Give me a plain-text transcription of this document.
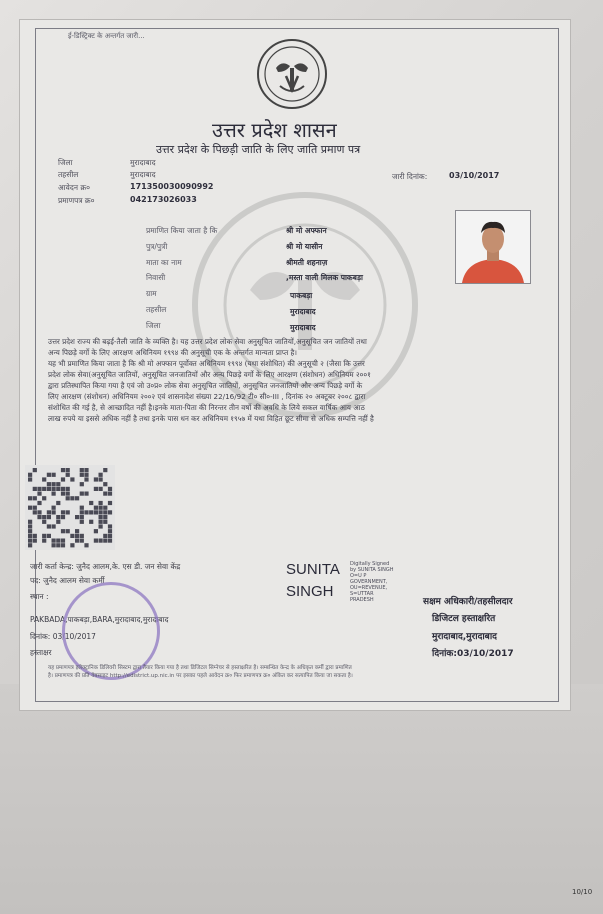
ई-डिस्ट्रिक्ट के अन्तर्गत जारी...
उत्तर प्रदेश शासन
उत्तर प्रदेश के पिछड़ी जाति के लिए जाति प्रमाण पत्र
जिला	मुरादाबाद
तहसील	मुरादाबाद
आवेदन क्र०	171350030090992
प्रमाणपत्र क्र०	042173026033
जारी दिनांक:	03/10/2017
प्रमाणित किया जाता है कि	श्री मो अफ्फान
पुत्र/पुत्री	श्री मो यासीन
माता का नाम	श्रीमती शहनाज़
निवासी	,मस्ता वाली मिलक पाकबड़ा
ग्राम	पाकबड़ा
तहसील	मुरादाबाद
जिला	मुरादाबाद
उत्तर प्रदेश राज्य की बढ़ई-तैली जाति के व्यक्ति है। यह उत्तर प्रदेश लोक सेवा अनुसूचित जातियों,अनुसूचित जन जातियों तथा
अन्य पिछड़े वर्गो के लिए आरक्षण अधिनियम १९९४ की अनुसूची एक के अन्तर्गत मान्यता प्राप्त है।
यह भी प्रमाणित किया जाता है कि श्री मो अफ्फान पूर्वोक्त अधिनियम १९९४ (यथा संशोधित) की अनुसूची २ (जैसा कि उत्तर
प्रदेश लोक सेवा(अनुसूचित जातियों, अनुसूचित जनजातियों और अन्य पिछड़े वर्गो के लिए आरक्षण (संशोधन) अधिनियम २००१
द्वारा प्रतिस्थापित किया गया है एवं जो उ०प्र० लोक सेवा अनुसूचित जातियों, अनुसूचित जनजातियों और अन्य पिछड़े वर्गो के
लिए आरक्षण (संशोधन) अधिनियम २००२ एवं शासनादेश संख्या 22/16/92 टी० सी०-III , दिनांक २० अक्टूबर २००८ द्वारा
संशोधित की गई है, से आच्छादित नहीं है।इनके माता-पिता की निरन्तर तीन वर्षो की अवधि के लिये सकल वार्षिक आय आठ
लाख रुपये या इससे अधिक नहीं है तथा इनके पास धन कर अधिनियम १९५७ में यथा विहित छूट सीमा से अधिक सम्पत्ति नहीं है
जारी कर्ता केन्द्र: जुनैद आलम,के. एस डी. जन सेवा केंद्र
पद: जुनैद आलम सेवा कर्मी
स्थान :
PAKBADA,पाकबड़ा,BARA,मुरादाबाद,मुरादाबाद
दिनांक: 03/10/2017
हस्ताक्षर
SUNITA
SINGH
Digitally Signed
by SUNITA SINGH
O=U P
GOVERNMENT,
OU=REVENUE,
S=UTTAR
PRADESH	सक्षम अधिकारी/तहसीलदार
डिजिटल हस्ताक्षरित
मुरादाबाद,मुरादाबाद
दिनांक:03/10/2017
यह प्रमाणपत्र इलेक्ट्रानिक डिलिवरी सिस्टम द्वारा तैयार किया गया है तथा डिजिटल सिग्नेचर से हस्ताक्षरित है। सम्बन्धित केन्द्र के अधिकृत कर्मी द्वारा प्रमाणित
है। प्रमाणपत्र की प्रति वेबसाइट http://edistrict.up.nic.in पर इसका पहले आवेदन क्र० फिर प्रमाणपत्र क्र० अंकित कर सत्यापित किया जा सकता है।
10/10
